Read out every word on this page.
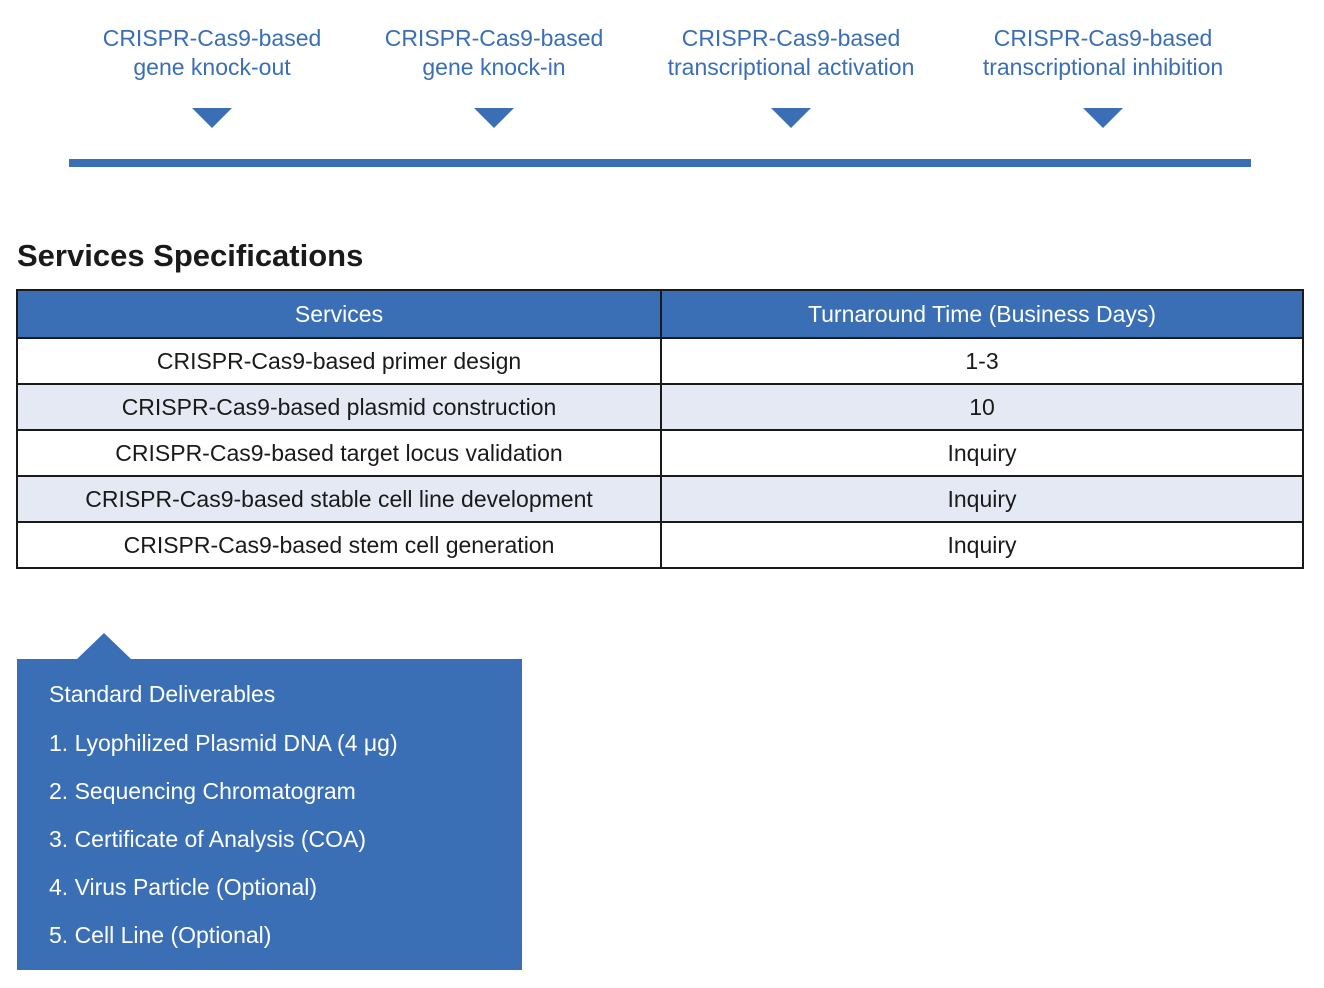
CRISPR-Cas9-based
gene knock-out
CRISPR-Cas9-based
gene knock-in
CRISPR-Cas9-based
transcriptional activation
CRISPR-Cas9-based
transcriptional inhibition
Services Specifications
Services	Turnaround Time (Business Days)
CRISPR-Cas9-based primer design	1-3
CRISPR-Cas9-based plasmid construction	10
CRISPR-Cas9-based target locus validation	Inquiry
CRISPR-Cas9-based stable cell line development	Inquiry
CRISPR-Cas9-based stem cell generation	Inquiry
Standard Deliverables
1. Lyophilized Plasmid DNA (4 μg)
2. Sequencing Chromatogram
3. Certificate of Analysis (COA)
4. Virus Particle (Optional)
5. Cell Line (Optional)
